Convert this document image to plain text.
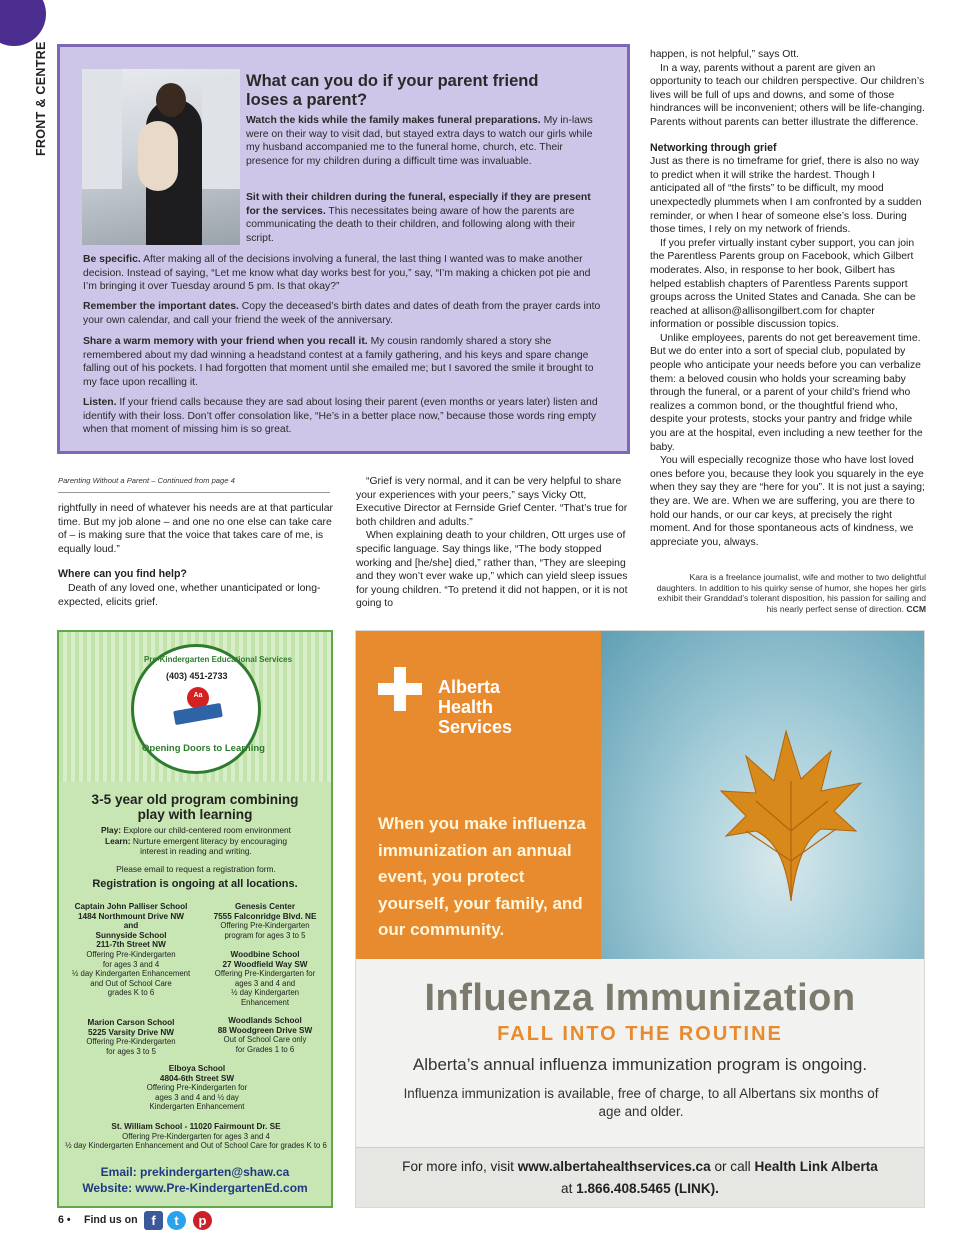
FRONT & CENTRE	What can you do if your parent friend loses a parent?
Watch the kids while the family makes funeral preparations. My in-laws were on their way to visit dad, but stayed extra days to watch our girls while my husband accompanied me to the funeral home, church, etc. Their presence for my children during a difficult time was invaluable.
Sit with their children during the funeral, especially if they are present for the services. This necessitates being aware of how the parents are communicating the death to their children, and following along with their script.
Be specific. After making all of the decisions involving a funeral, the last thing I wanted was to make another decision. Instead of saying, “Let me know what day works best for you,” say, “I’m making a chicken pot pie and I’m bringing it over Tuesday around 5 pm. Is that okay?”
Remember the important dates. Copy the deceased’s birth dates and dates of death from the prayer cards into your own calendar, and call your friend the week of the anniversary.
Share a warm memory with your friend when you recall it. My cousin randomly shared a story she remembered about my dad winning a headstand contest at a family gathering, and his keys and spare change falling out of his pockets. I had forgotten that moment until she emailed me; but I savored the smile it brought to my face upon recalling it.
Listen. If your friend calls because they are sad about losing their parent (even months or years later) listen and identify with their loss. Don’t offer consolation like, “He’s in a better place now,” because those words ring empty when that moment of missing him is so great.
Parenting Without a Parent – Continued from page 4

rightfully in need of whatever his needs are at that particular time. But my job alone – and one no one else can take care of – is making sure that the voice that takes care of me, is equally loud.”

Where can you find help?

Death of any loved one, whether unanticipated or long-expected, elicits grief.

“Grief is very normal, and it can be very helpful to share your experiences with your peers,” says Vicky Ott, Executive Director at Fernside Grief Center. “That’s true for both children and adults.”

When explaining death to your children, Ott urges use of specific language. Say things like, “The body stopped working and [he/she] died,” rather than, “They are sleeping and they won’t ever wake up,” which can yield sleep issues for young children. “To pretend it did not happen, or it is not going to

happen, is not helpful,” says Ott.

In a way, parents without a parent are given an opportunity to teach our children perspective. Our children’s lives will be full of ups and downs, and some of those hindrances will be inconvenient; others will be life-changing. Parents without parents can better illustrate the difference.

Networking through grief

Just as there is no timeframe for grief, there is also no way to predict when it will strike the hardest. Though I anticipated all of “the firsts” to be difficult, my mood unexpectedly plummets when I am confronted by a sudden reminder, or when I hear of someone else’s loss. During those times, I rely on my network of friends.

If you prefer virtually instant cyber support, you can join the Parentless Parents group on Facebook, which Gilbert moderates. Also, in response to her book, Gilbert has helped establish chapters of Parentless Parents support groups across the United States and Canada. She can be reached at allison@allisongilbert.com for chapter information or possible discussion topics.

Unlike employees, parents do not get bereavement time. But we do enter into a sort of special club, populated by people who anticipate your needs before you can verbalize them: a beloved cousin who holds your screaming baby through the funeral, or a parent of your child’s friend who realizes a common bond, or the thoughtful friend who, despite your protests, stocks your pantry and fridge while you are at the hospital, even including a new teether for the baby.

You will especially recognize those who have lost loved ones before you, because they look you squarely in the eye when they say they are “here for you”. It is not just a saying; they are. We are. When we are suffering, you are there to hold our hands, or our car keys, at precisely the right moment. And for those spontaneous acts of kindness, we appreciate you, always.

Kara is a freelance journalist, wife and mother to two delightful daughters. In addition to his quirky sense of humor, she hopes her girls exhibit their Granddad’s tolerant disposition, his passion for sailing and his nearly perfect sense of direction. CCM
Pre-Kindergarten Educational Services
(403) 451-2733
Aa
Opening Doors to Learning
3-5 year old program combining play with learning
Play: Explore our child-centered room environment
Learn: Nurture emergent literacy by encouraging interest in reading and writing.
Please email to request a registration form.
Registration is ongoing at all locations.
Captain John Palliser School
1484 Northmount Drive NW
and
Sunnyside School
211-7th Street NW
Offering Pre-Kindergarten
for ages 3 and 4
½ day Kindergarten Enhancement
and Out of School Care
grades K to 6
Genesis Center
7555 Falconridge Blvd. NE
Offering Pre-Kindergarten
program for ages 3 to 5
Woodbine School
27 Woodfield Way SW
Offering Pre-Kindergarten for
ages 3 and 4 and
½ day Kindergarten
Enhancement
Marion Carson School
5225 Varsity Drive NW
Offering Pre-Kindergarten
for ages 3 to 5
Woodlands School
88 Woodgreen Drive SW
Out of School Care only
for Grades 1 to 6
Elboya School
4804-6th Street SW
Offering Pre-Kindergarten for
ages 3 and 4 and ½ day
Kindergarten Enhancement
St. William School - 11020 Fairmount Dr. SE
Offering Pre-Kindergarten for ages 3 and 4
½ day Kindergarten Enhancement and Out of School Care for grades K to 6
Email: prekindergarten@shaw.ca
Website: www.Pre-KindergartenEd.com
Alberta Health Services
When you make influenza immunization an annual event, you protect yourself, your family, and our community.
Influenza Immunization
FALL INTO THE ROUTINE
Alberta’s annual influenza immunization program is ongoing.
Influenza immunization is available, free of charge, to all Albertans six months of age and older.

For more info, visit www.albertahealthservices.ca or call Health Link Alberta

at 1.866.408.5465 (LINK).

6 • Find us on	f	t	p
